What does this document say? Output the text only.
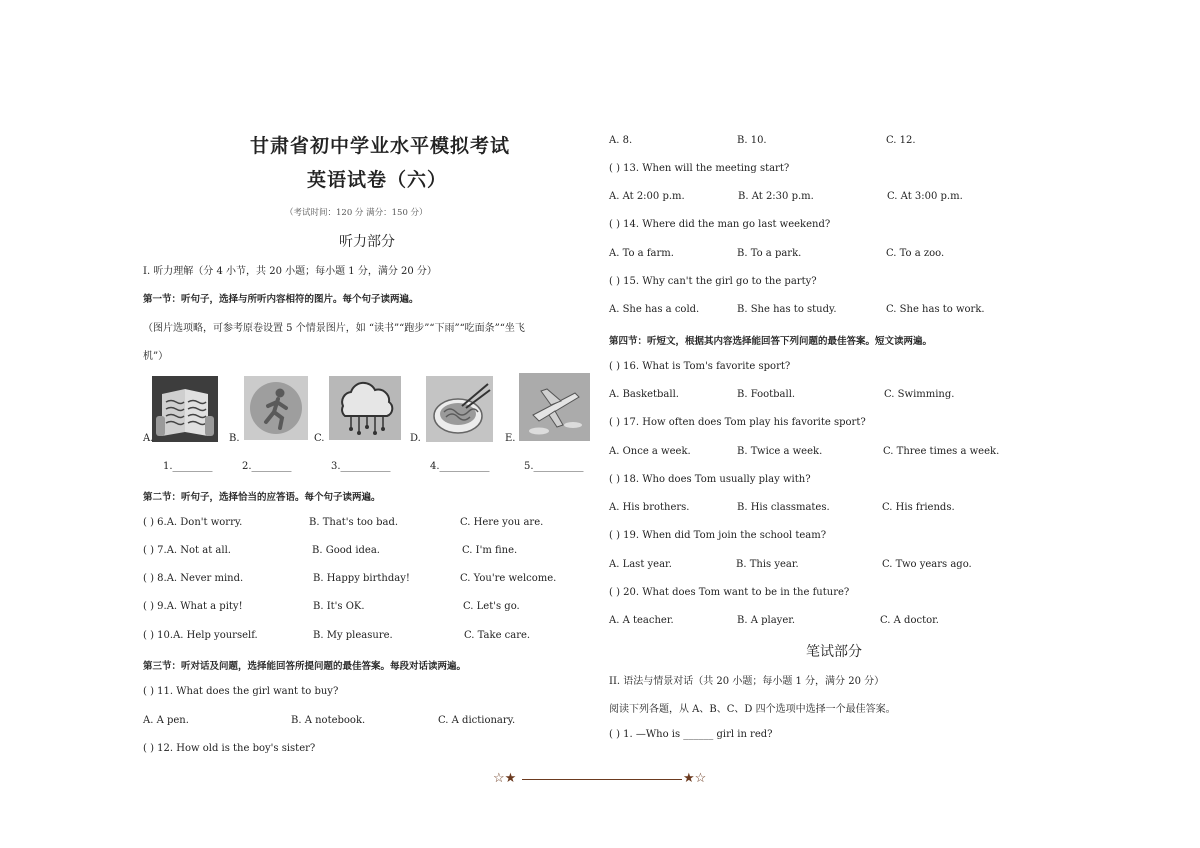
甘肃省初中学业水平模拟考试
英语试卷（六）
（考试时间：120 分 满分：150 分）
听力部分
I. 听力理解（分 4 小节，共 20 小题；每小题 1 分，满分 20 分）
第一节：听句子，选择与所听内容相符的图片。每个句子读两遍。
（图片选项略，可参考原卷设置 5 个情景图片，如 “读书”“跑步”“下雨”“吃面条”“坐飞
机”）
A.	B.	C.	D.	E.
1.________	2.________	3.__________	4.__________	5.__________
第二节：听句子，选择恰当的应答语。每个句子读两遍。
( ) 6.A. Don't worry.	B. That's too bad.	C. Here you are.
( ) 7.A. Not at all.	B. Good idea.	C. I'm fine.
( ) 8.A. Never mind.	B. Happy birthday!	C. You're welcome.
( ) 9.A. What a pity!	B. It's OK.	C. Let's go.
( ) 10.A. Help yourself.	B. My pleasure.	C. Take care.
第三节：听对话及问题，选择能回答所提问题的最佳答案。每段对话读两遍。
( ) 11. What does the girl want to buy?
A. A pen.	B. A notebook.	C. A dictionary.
( ) 12. How old is the boy's sister?
A. 8.	B. 10.	C. 12.
( ) 13. When will the meeting start?
A. At 2:00 p.m.	B. At 2:30 p.m.	C. At 3:00 p.m.
( ) 14. Where did the man go last weekend?
A. To a farm.	B. To a park.	C. To a zoo.
( ) 15. Why can't the girl go to the party?
A. She has a cold.	B. She has to study.	C. She has to work.
第四节：听短文，根据其内容选择能回答下列问题的最佳答案。短文读两遍。
( ) 16. What is Tom's favorite sport?
A. Basketball.	B. Football.	C. Swimming.
( ) 17. How often does Tom play his favorite sport?
A. Once a week.	B. Twice a week.	C. Three times a week.
( ) 18. Who does Tom usually play with?
A. His brothers.	B. His classmates.	C. His friends.
( ) 19. When did Tom join the school team?
A. Last year.	B. This year.	C. Two years ago.
( ) 20. What does Tom want to be in the future?
A. A teacher.	B. A player.	C. A doctor.
笔试部分
II. 语法与情景对话（共 20 小题；每小题 1 分，满分 20 分）
阅读下列各题，从 A、B、C、D 四个选项中选择一个最佳答案。
( ) 1. —Who is ______ girl in red?
☆★	★☆
